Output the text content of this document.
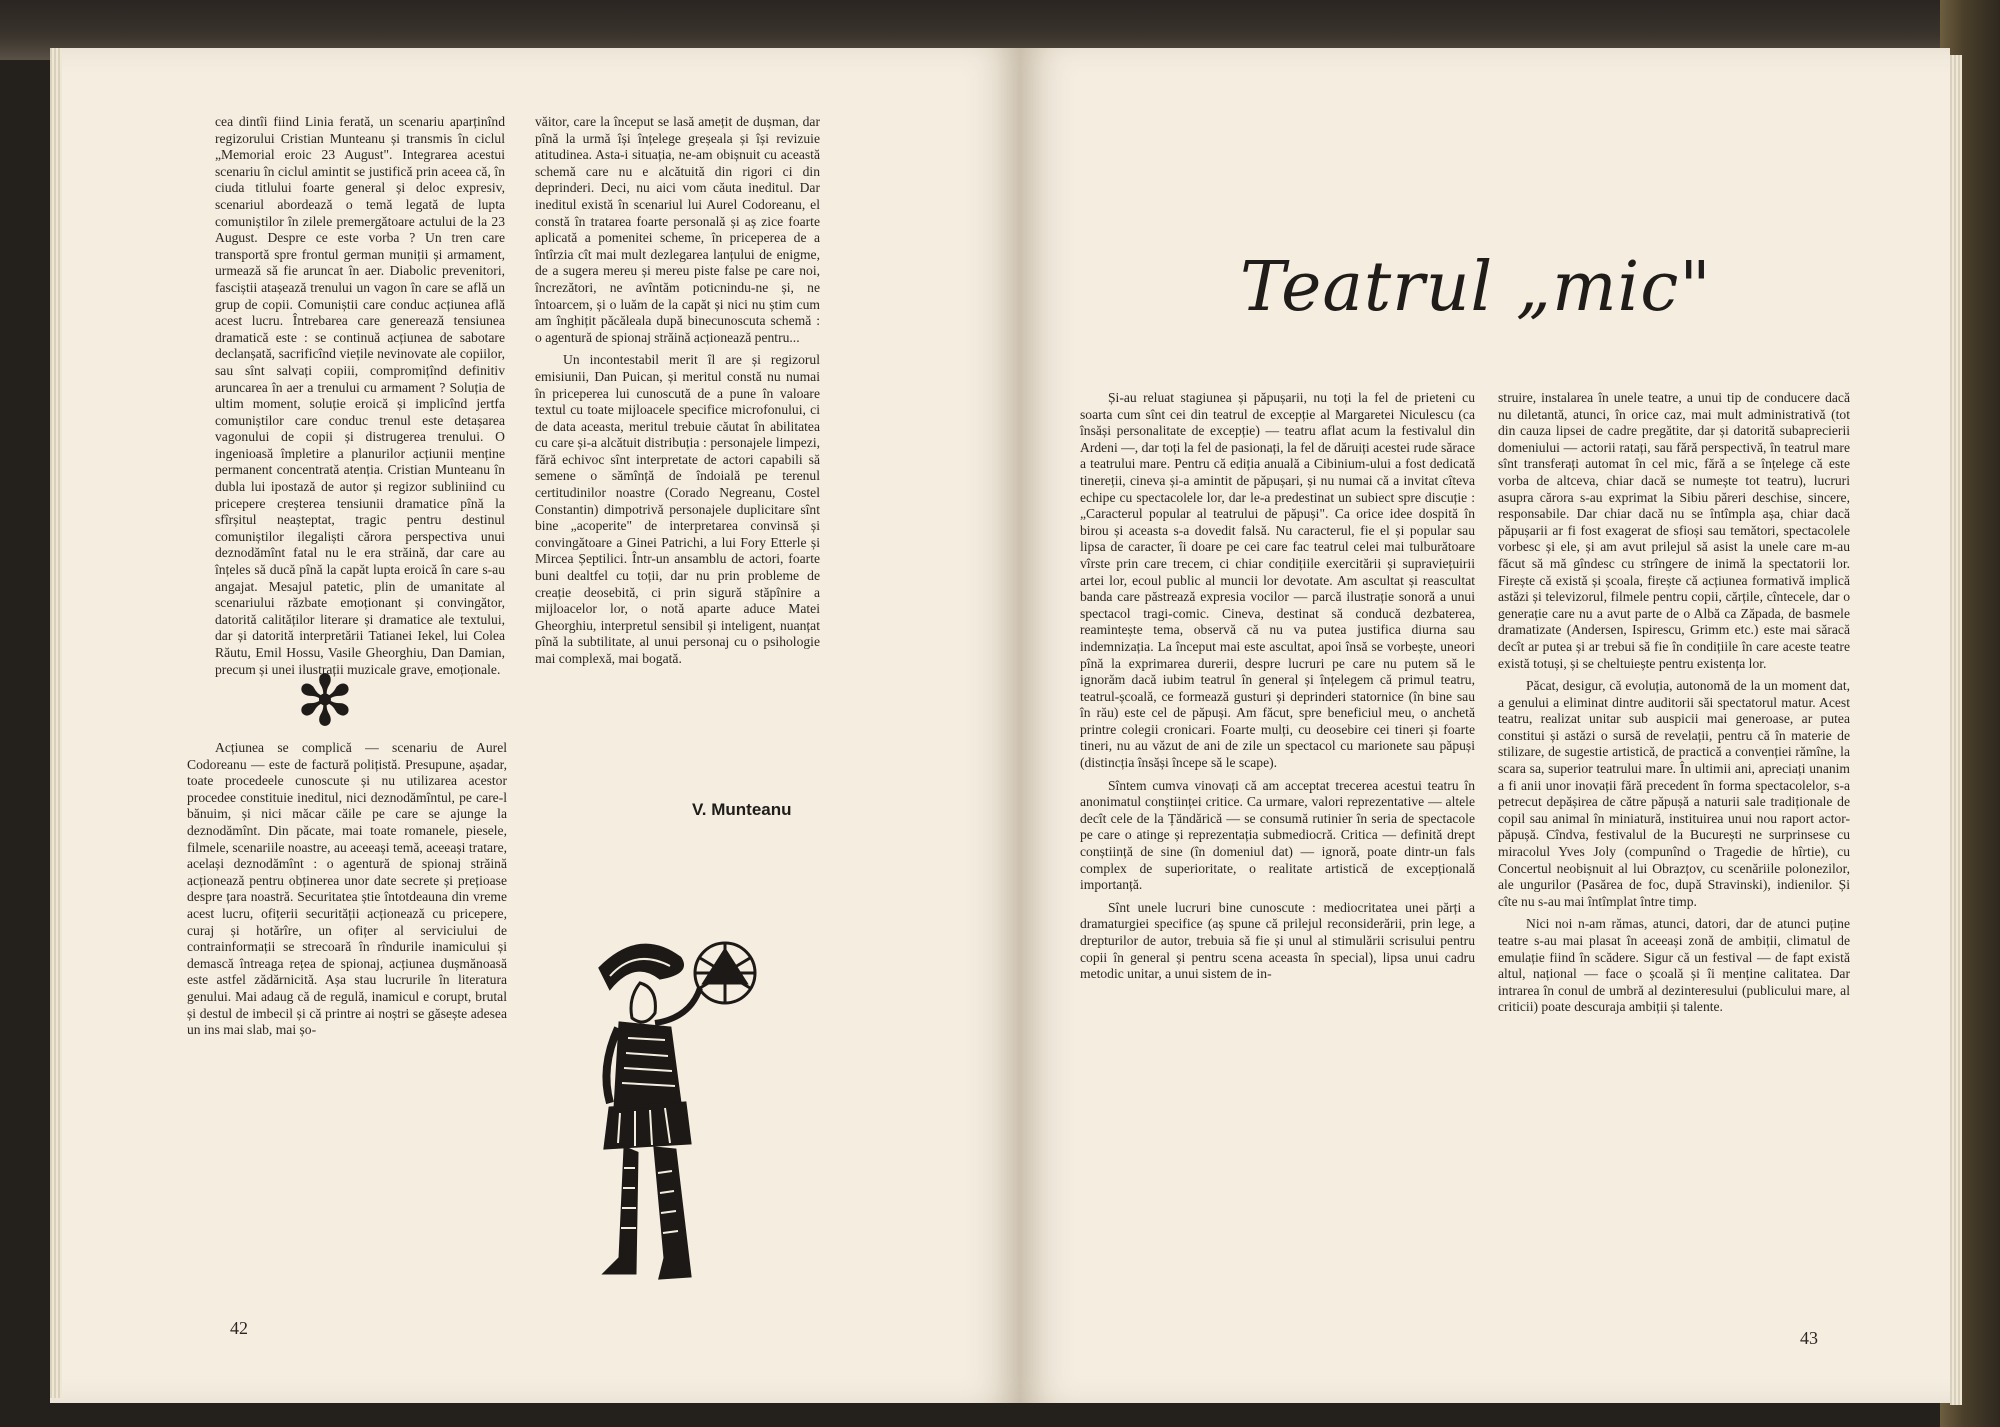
cea dintîi fiind Linia ferată, un scenariu aparținînd regizorului Cristian Munteanu și transmis în ciclul „Memorial eroic 23 August". Integrarea acestui scenariu în ciclul amintit se justifică prin aceea că, în ciuda titlului foarte general și deloc expresiv, scenariul abordează o temă legată de lupta comuniștilor în zilele premergătoare actului de la 23 August. Despre ce este vorba ? Un tren care transportă spre frontul german muniții și armament, urmează să fie aruncat în aer. Diabolic prevenitori, fasciștii atașează trenului un vagon în care se află un grup de copii. Comuniștii care conduc acțiunea află acest lucru. Întrebarea care generează tensiunea dramatică este : se continuă acțiunea de sabotare declanșată, sacrificînd viețile nevinovate ale copiilor, sau sînt salvați copiii, compromițînd definitiv aruncarea în aer a trenului cu armament ? Soluția de ultim moment, soluție eroică și implicînd jertfa comuniștilor care conduc trenul este detașarea vagonului de copii și distrugerea trenului. O ingenioasă împletire a planurilor acțiunii menține permanent concentrată atenția. Cristian Munteanu în dubla lui ipostază de autor și regizor subliniind cu pricepere creșterea tensiunii dramatice pînă la sfîrșitul neașteptat, tragic pentru destinul comuniștilor ilegaliști cărora perspectiva unui deznodămînt fatal nu le era străină, dar care au înțeles să ducă pînă la capăt lupta eroică în care s-au angajat. Mesajul patetic, plin de umanitate al scenariului răzbate emoționant și convingător, datorită calităților literare și dramatice ale textului, dar și datorită interpretării Tatianei Iekel, lui Colea Răutu, Emil Hossu, Vasile Gheorghiu, Dan Damian, precum și unei ilustrații muzicale grave, emoționale.

✻

Acțiunea se complică — scenariu de Aurel Codoreanu — este de factură polițistă. Presupune, așadar, toate procedeele cunoscute și nu utilizarea acestor procedee constituie ineditul, nici deznodămîntul, pe care-l bănuim, și nici măcar căile pe care se ajunge la deznodămînt. Din păcate, mai toate romanele, piesele, filmele, scenariile noastre, au aceeași temă, aceeași tratare, același deznodămînt : o agentură de spionaj străină acționează pentru obținerea unor date secrete și prețioase despre țara noastră. Securitatea știe întotdeauna din vreme acest lucru, ofițerii securității acționează cu pricepere, curaj și hotărîre, un ofițer al serviciului de contrainformații se strecoară în rîndurile inamicului și demască întreaga rețea de spionaj, acțiunea dușmănoasă este astfel zădărnicită. Așa stau lucrurile în literatura genului. Mai adaug că de regulă, inamicul e corupt, brutal și destul de imbecil și că printre ai noștri se găsește adesea un ins mai slab, mai șo-

văitor, care la început se lasă amețit de dușman, dar pînă la urmă își înțelege greșeala și își revizuie atitudinea. Asta-i situația, ne-am obișnuit cu această schemă care nu e alcătuită din rigori ci din deprinderi. Deci, nu aici vom căuta ineditul. Dar ineditul există în scenariul lui Aurel Codoreanu, el constă în tratarea foarte personală și aș zice foarte aplicată a pomenitei scheme, în priceperea de a întîrzia cît mai mult dezlegarea lanțului de enigme, de a sugera mereu și mereu piste false pe care noi, încrezători, ne avîntăm poticnindu-ne și, ne întoarcem, și o luăm de la capăt și nici nu știm cum am înghițit păcăleala după binecunoscuta schemă : o agentură de spionaj străină acționează pentru...

Un incontestabil merit îl are și regizorul emisiunii, Dan Puican, și meritul constă nu numai în priceperea lui cunoscută de a pune în valoare textul cu toate mijloacele specifice microfonului, ci de data aceasta, meritul trebuie căutat în abilitatea cu care și-a alcătuit distribuția : personajele limpezi, fără echivoc sînt interpretate de actori capabili să semene o sămînță de îndoială pe terenul certitudinilor noastre (Corado Negreanu, Costel Constantin) dimpotrivă personajele duplicitare sînt bine „acoperite" de interpretarea convinsă și convingătoare a Ginei Patrichi, a lui Fory Etterle și Mircea Șeptilici. Într-un ansamblu de actori, foarte buni dealtfel cu toții, dar nu prin probleme de creație deosebită, ci prin sigură stăpînire a mijloacelor lor, o notă aparte aduce Matei Gheorghiu, interpretul sensibil și inteligent, nuanțat pînă la subtilitate, al unui personaj cu o psihologie mai complexă, mai bogată.

V. Munteanu
42
Teatrul „mic"

Și-au reluat stagiunea și păpușarii, nu toți la fel de prieteni cu soarta cum sînt cei din teatrul de excepție al Margaretei Niculescu (ca însăși personalitate de excepție) — teatru aflat acum la festivalul din Ardeni —, dar toți la fel de pasionați, la fel de dăruiți acestei rude sărace a teatrului mare. Pentru că ediția anuală a Cibinium-ului a fost dedicată tinereții, cineva și-a amintit de păpușari, și nu numai că a invitat cîteva echipe cu spectacolele lor, dar le-a predestinat un subiect spre discuție : „Caracterul popular al teatrului de păpuși". Ca orice idee dospită în birou și aceasta s-a dovedit falsă. Nu caracterul, fie el și popular sau lipsa de caracter, îi doare pe cei care fac teatrul celei mai tulburătoare vîrste prin care trecem, ci chiar condițiile exercitării și supraviețuirii artei lor, ecoul public al muncii lor devotate. Am ascultat și reascultat banda care păstrează expresia vocilor — parcă ilustrație sonoră a unui spectacol tragi-comic. Cineva, destinat să conducă dezbaterea, reamintește tema, observă că nu va putea justifica diurna sau indemnizația. La început mai este ascultat, apoi însă se vorbește, uneori pînă la exprimarea durerii, despre lucruri pe care nu putem să le ignorăm dacă iubim teatrul în general și înțelegem că primul teatru, teatrul-școală, ce formează gusturi și deprinderi statornice (în bine sau în rău) este cel de păpuși. Am făcut, spre beneficiul meu, o anchetă printre colegii cronicari. Foarte mulți, cu deosebire cei tineri și foarte tineri, nu au văzut de ani de zile un spectacol cu marionete sau păpuși (distincția însăși începe să le scape).

Sîntem cumva vinovați că am acceptat trecerea acestui teatru în anonimatul conștiinței critice. Ca urmare, valori reprezentative — altele decît cele de la Țăndărică — se consumă rutinier în seria de spectacole pe care o atinge și reprezentația submediocră. Critica — definită drept conștiință de sine (în domeniul dat) — ignoră, poate dintr-un fals complex de superioritate, o realitate artistică de excepțională importanță.

Sînt unele lucruri bine cunoscute : mediocritatea unei părți a dramaturgiei specifice (aș spune că prilejul reconsiderării, prin lege, a drepturilor de autor, trebuia să fie și unul al stimulării scrisului pentru copii în general și pentru scena aceasta în special), lipsa unui cadru metodic unitar, a unui sistem de in-

struire, instalarea în unele teatre, a unui tip de conducere dacă nu diletantă, atunci, în orice caz, mai mult administrativă (tot din cauza lipsei de cadre pregătite, dar și datorită subaprecierii domeniului — actorii ratați, sau fără perspectivă, în teatrul mare sînt transferați automat în cel mic, fără a se înțelege că este vorba de altceva, chiar dacă se numește tot teatru), lucruri asupra cărora s-au exprimat la Sibiu păreri deschise, sincere, responsabile. Dar chiar dacă nu se întîmpla așa, chiar dacă păpușarii ar fi fost exagerat de sfioși sau temători, spectacolele vorbesc și ele, și am avut prilejul să asist la unele care m-au făcut să mă gîndesc cu strîngere de inimă la spectatorii lor. Firește că există și școala, firește că acțiunea formativă implică astăzi și televizorul, filmele pentru copii, cărțile, cîntecele, dar o generație care nu a avut parte de o Albă ca Zăpada, de basmele dramatizate (Andersen, Ispirescu, Grimm etc.) este mai săracă decît ar putea și ar trebui să fie în condițiile în care aceste teatre există totuși, și se cheltuiește pentru existența lor.

Păcat, desigur, că evoluția, autonomă de la un moment dat, a genului a eliminat dintre auditorii săi spectatorul matur. Acest teatru, realizat unitar sub auspicii mai generoase, ar putea constitui și astăzi o sursă de revelații, pentru că în materie de stilizare, de sugestie artistică, de practică a convenției rămîne, la scara sa, superior teatrului mare. În ultimii ani, apreciați unanim a fi anii unor inovații fără precedent în forma spectacolelor, s-a petrecut depășirea de către păpușă a naturii sale tradiționale de copil sau animal în miniatură, instituirea unui nou raport actor-păpușă. Cîndva, festivalul de la București ne surprinsese cu miracolul Yves Joly (compunînd o Tragedie de hîrtie), cu Concertul neobișnuit al lui Obrazțov, cu scenăriile polonezilor, ale ungurilor (Pasărea de foc, după Stravinski), indienilor. Și cîte nu s-au mai întîmplat între timp.

Nici noi n-am rămas, atunci, datori, dar de atunci puține teatre s-au mai plasat în aceeași zonă de ambiții, climatul de emulație fiind în scădere. Sigur că un festival — de fapt există altul, național — face o școală și îi menține calitatea. Dar intrarea în conul de umbră al dezinteresului (publicului mare, al criticii) poate descuraja ambiții și talente.

43
